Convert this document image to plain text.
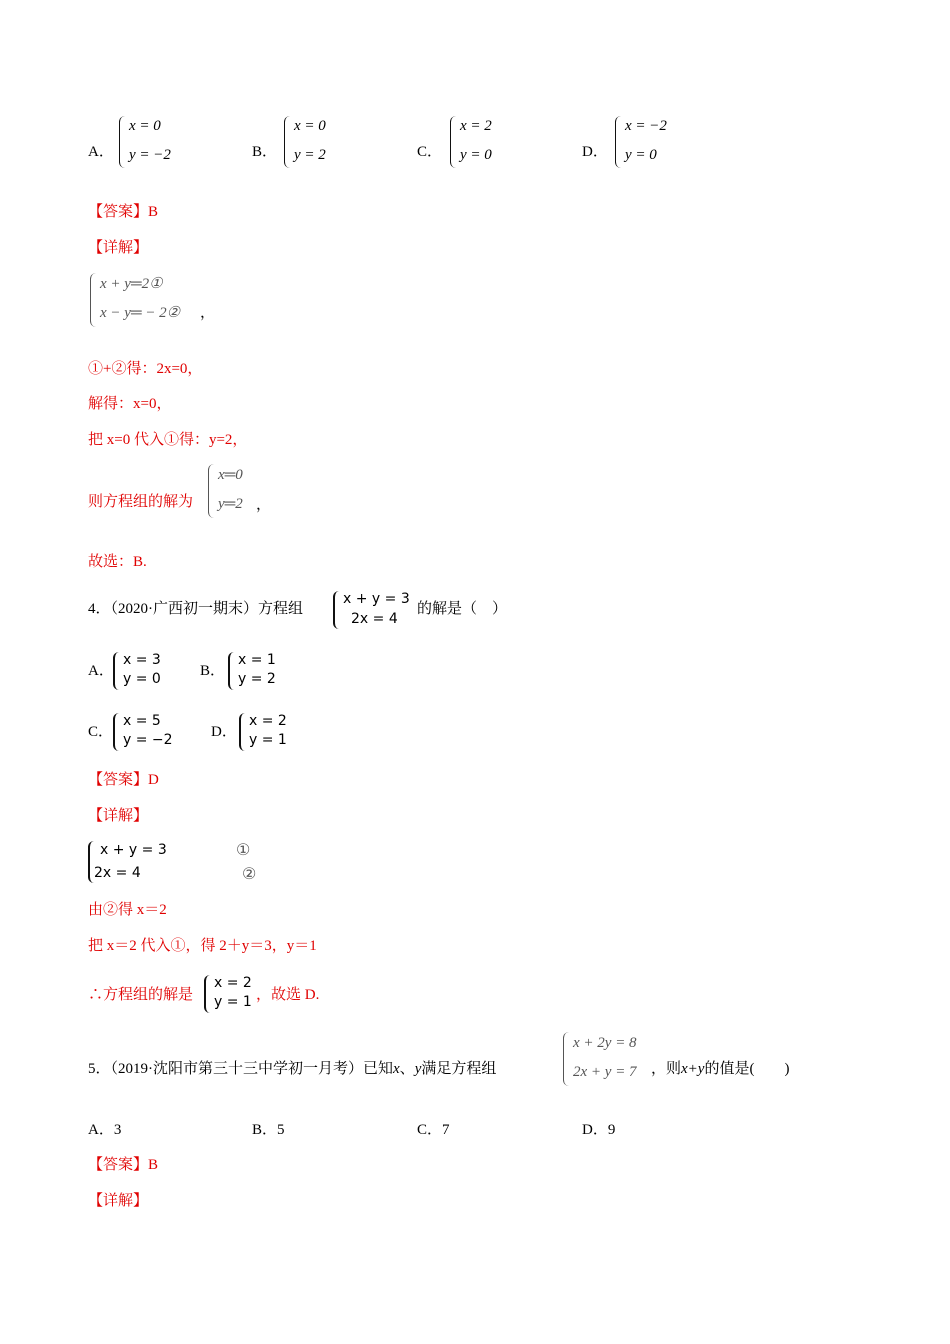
A．
x = 0
y = −2	B．
x = 0
y = 2	C．
x = 2
y = 0	D．
x = −2
y = 0
【答案】B
【详解】
x + y═2①
x − y═ − 2② ，
①+②得：2x=0，
解得：x=0，
把 x=0 代入①得：y=2，
则方程组的解为
x═0
y═2 ，
故选：B.
4．（2020·广西初一期末）方程组
x + y = 3
2x = 4
的解是（　）
A．
x = 3
y = 0	B．
x = 1
y = 2
C．
x = 5
y = −2	D．
x = 2
y = 1
【答案】D
【详解】
x + y = 3
2x = 4
①
②
由②得 x＝2
把 x＝2 代入①，得 2＋y＝3，y＝1
∴方程组的解是
x = 2
y = 1 ，故选 D.
5．（2019·沈阳市第三十三中学初一月考）已知x、y满足方程组
x + 2y = 8
2x + y = 7 ，则x+y的值是(　　)
A．3	B．5	C．7	D．9
【答案】B
【详解】
